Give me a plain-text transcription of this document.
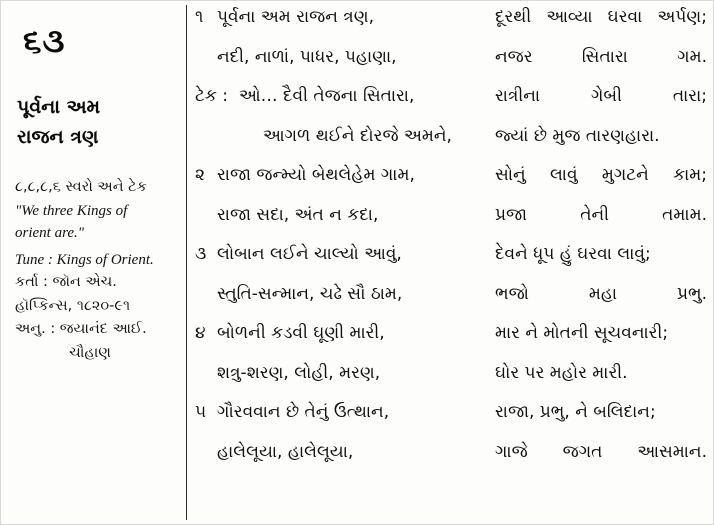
૬૩
પૂર્વના અમ
રાજન ત્રણ
૮,૮,૮,૬ સ્વરો અને ટેક
"We three Kings of
orient are."
Tune : Kings of Orient.
કર્તા : જૉન એચ.
હૉપ્કિન્સ, ૧૮૨૦-૯૧
અનુ. : જયાનંદ આઈ.
ચૌહાણ
૧ પૂર્વના અમ રાજન ત્રણ,	દૂરથી આવ્યા ઘરવા અર્પણ;
નદી, નાળાં, પાધર, પહાણા,	નજર	સિતારા	ગમ.
ટેક : ઓ… દૈવી તેજના સિતારા,	રાત્રીના	ગેબી	તારા;
આગળ થઈને દોરજે અમને,	જ્યાં છે મુજ તારણહારા.
૨ રાજા જન્મ્યો બેથલેહેમ ગામ,	સોનું લાવું મુગટને કામ;
રાજા સદા, અંત ન કદા,	પ્રજા	તેની	તમામ.
૩ લોબાન લઈને ચાલ્યો આવું,	દેવને ધૂપ હું ઘરવા લાવું;
સ્તુતિ-સન્માન, ચઢે સૌ ઠામ,	ભજો	મહા	પ્રભુ.
૪ બોળની કડવી ઘૂણી મારી,	માર ને મોતની સૂચવનારી;
શત્રુ-શરણ, લોહી, મરણ,	ઘોર પર મહોર મારી.
૫ ગૌરવવાન છે તેનું ઉત્થાન,	રાજા, પ્રભુ, ને બલિદાન;
હાલેલૂયા, હાલેલૂયા,	ગાજે જગત આસમાન.
